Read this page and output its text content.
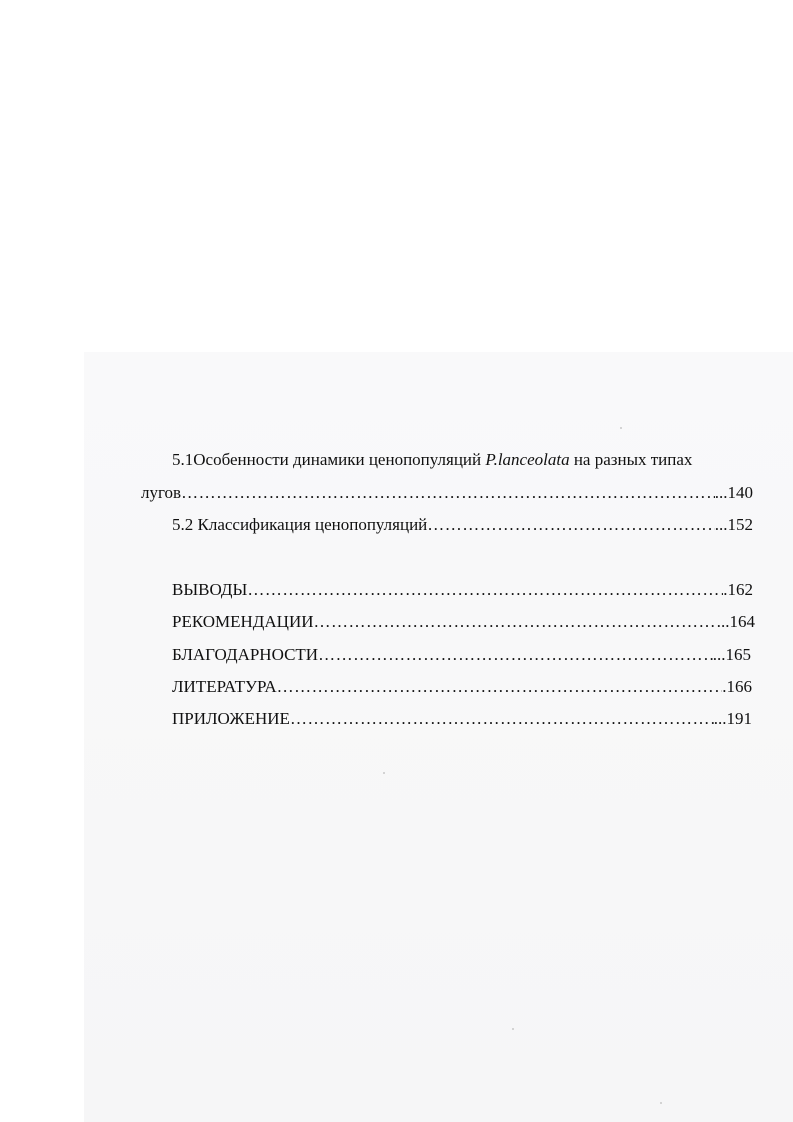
5.1Особенности динамики ценопопуляций P.lanceolata на разных типах
лугов …………………………………………………………………………………………………………………………………………………………	...140
5.2 Классификация ценопопуляций …………………………………………………………………………………………………………………………………………………………	...152
ВЫВОДЫ …………………………………………………………………………………………………………………………………………………………	.162
РЕКОМЕНДАЦИИ …………………………………………………………………………………………………………………………………………………………	..164
БЛАГОДАРНОСТИ …………………………………………………………………………………………………………………………………………………………	...165
ЛИТЕРАТУРА …………………………………………………………………………………………………………………………………………………………	.166
ПРИЛОЖЕНИЕ …………………………………………………………………………………………………………………………………………………………	...191
